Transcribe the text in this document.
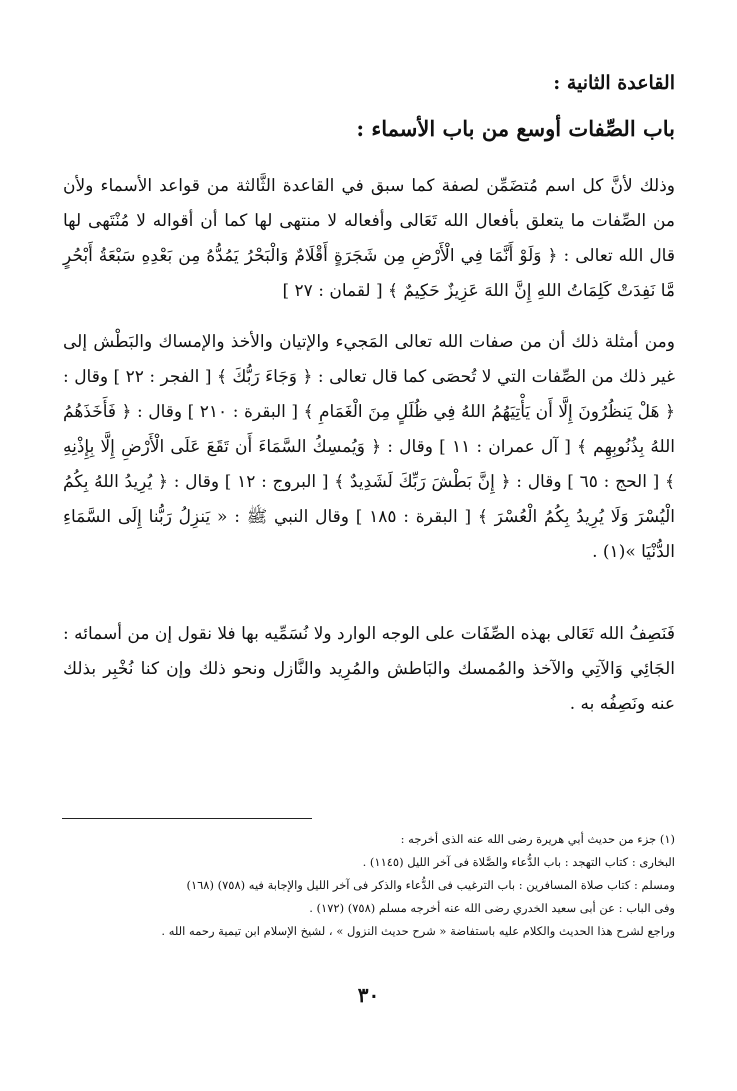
القاعدة الثانية :
باب الصِّفات أوسع من باب الأسماء :

وذلك لأنَّ كل اسم مُتضَمِّن لصفة كما سبق في القاعدة الثَّالثة من قواعد الأسماء ولأن من الصِّفات ما يتعلق بأفعال الله تَعَالى وأفعاله لا منتهى لها كما أن أقواله لا مُنْتَهى لها قال الله تعالى : ﴿ وَلَوْ أَنَّمَا فِي الْأَرْضِ مِن شَجَرَةٍ أَقْلَامٌ وَالْبَحْرُ يَمُدُّهُ مِن بَعْدِهِ سَبْعَةُ أَبْحُرٍ مَّا نَفِدَتْ كَلِمَاتُ اللهِ إِنَّ اللهَ عَزِيزٌ حَكِيمٌ ﴾ [ لقمان : ٢٧ ]

ومن أمثلة ذلك أن من صفات الله تعالى المَجيء والإتيان والأخذ والإمساك والبَطْش إلى غير ذلك من الصِّفات التي لا تُحصَى كما قال تعالى : ﴿ وَجَاءَ رَبُّكَ ﴾ [ الفجر : ٢٢ ] وقال : ﴿ هَلْ يَنظُرُونَ إِلَّا أَن يَأْتِيَهُمُ اللهُ فِي ظُلَلٍ مِنَ الْغَمَامِ ﴾ [ البقرة : ٢١٠ ] وقال : ﴿ فَأَخَذَهُمُ اللهُ بِذُنُوبِهِم ﴾ [ آل عمران : ١١ ] وقال : ﴿ وَيُمسِكُ السَّمَاءَ أَن تَقَعَ عَلَى الْأَرْضِ إِلَّا بِإِذْنِهِ ﴾ [ الحج : ٦٥ ] وقال : ﴿ إِنَّ بَطْشَ رَبِّكَ لَشَدِيدٌ ﴾ [ البروج : ١٢ ] وقال : ﴿ يُرِيدُ اللهُ بِكُمُ الْيُسْرَ وَلَا يُرِيدُ بِكُمُ الْعُسْرَ ﴾ [ البقرة : ١٨٥ ] وقال النبي ﷺ : « يَنزِلُ رَبُّنا إِلَى السَّمَاءِ الدُّنْيَا »(١) .

فَنَصِفُ الله تَعَالى بهذه الصِّفَات على الوجه الوارد ولا نُسَمِّيه بها فلا نقول إن من أسمائه : الجَائِي وَالآتِي والآخذ والمُمسك والبَاطش والمُرِيد والنَّازل ونحو ذلك وإن كنا نُخْبِر بذلك عنه ونَصِفُه به .

(١) جزء من حديث أبي هريرة رضى الله عنه الذى أخرجه :

البخارى : كتاب التهجد : باب الدُّعاء والصَّلاة فى آخر الليل (١١٤٥) .

ومسلم : كتاب صلاة المسافرين : باب الترغيب فى الدُّعاء والذكر فى آخر الليل والإجابة فيه (٧٥٨) (١٦٨)

وفى الباب : عن أبى سعيد الخدري رضى الله عنه أخرجه مسلم (٧٥٨) (١٧٢) .

وراجع لشرح هذا الحديث والكلام عليه باستفاضة « شرح حديث النزول » ، لشيخ الإسلام ابن تيمية رحمه الله .

٣٠
